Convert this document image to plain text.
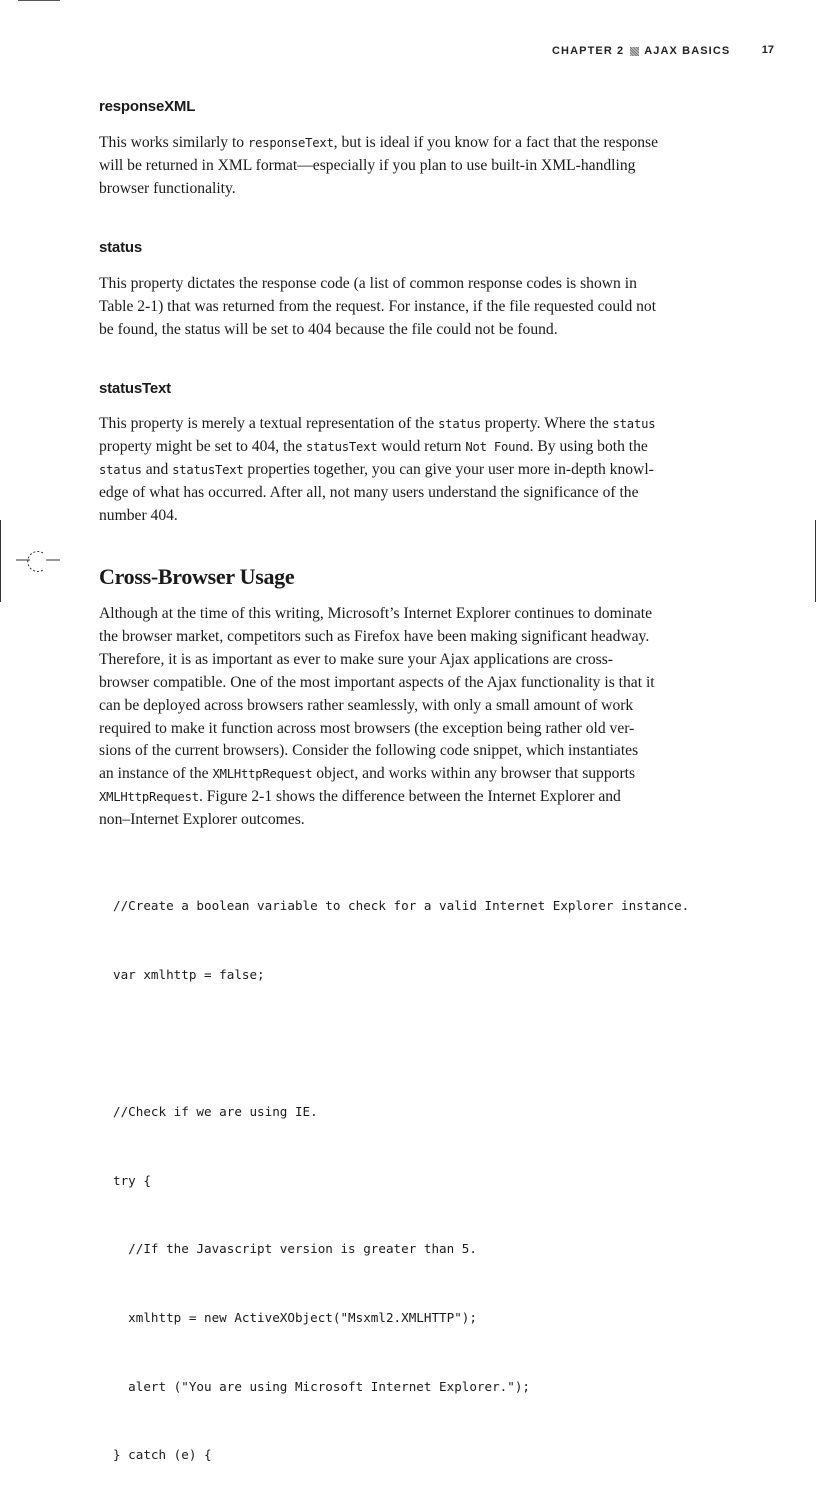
CHAPTER 2 AJAX BASICS	17
responseXML

This works similarly to responseText, but is ideal if you know for a fact that the response
will be returned in XML format—especially if you plan to use built-in XML-handling
browser functionality.

status

This property dictates the response code (a list of common response codes is shown in
Table 2-1) that was returned from the request. For instance, if the file requested could not
be found, the status will be set to 404 because the file could not be found.

statusText

This property is merely a textual representation of the status property. Where the status
property might be set to 404, the statusText would return Not Found. By using both the
status and statusText properties together, you can give your user more in-depth knowl-
edge of what has occurred. After all, not many users understand the significance of the
number 404.

Cross-Browser Usage

Although at the time of this writing, Microsoft’s Internet Explorer continues to dominate
the browser market, competitors such as Firefox have been making significant headway.
Therefore, it is as important as ever to make sure your Ajax applications are cross-
browser compatible. One of the most important aspects of the Ajax functionality is that it
can be deployed across browsers rather seamlessly, with only a small amount of work
required to make it function across most browsers (the exception being rather old ver-
sions of the current browsers). Consider the following code snippet, which instantiates
an instance of the XMLHttpRequest object, and works within any browser that supports
XMLHttpRequest. Figure 2-1 shows the difference between the Internet Explorer and
non–Internet Explorer outcomes.

//Create a boolean variable to check for a valid Internet Explorer instance.

var xmlhttp = false;

//Check if we are using IE.

try {

//If the Javascript version is greater than 5.

xmlhttp = new ActiveXObject("Msxml2.XMLHTTP");

alert ("You are using Microsoft Internet Explorer.");

} catch (e) {
